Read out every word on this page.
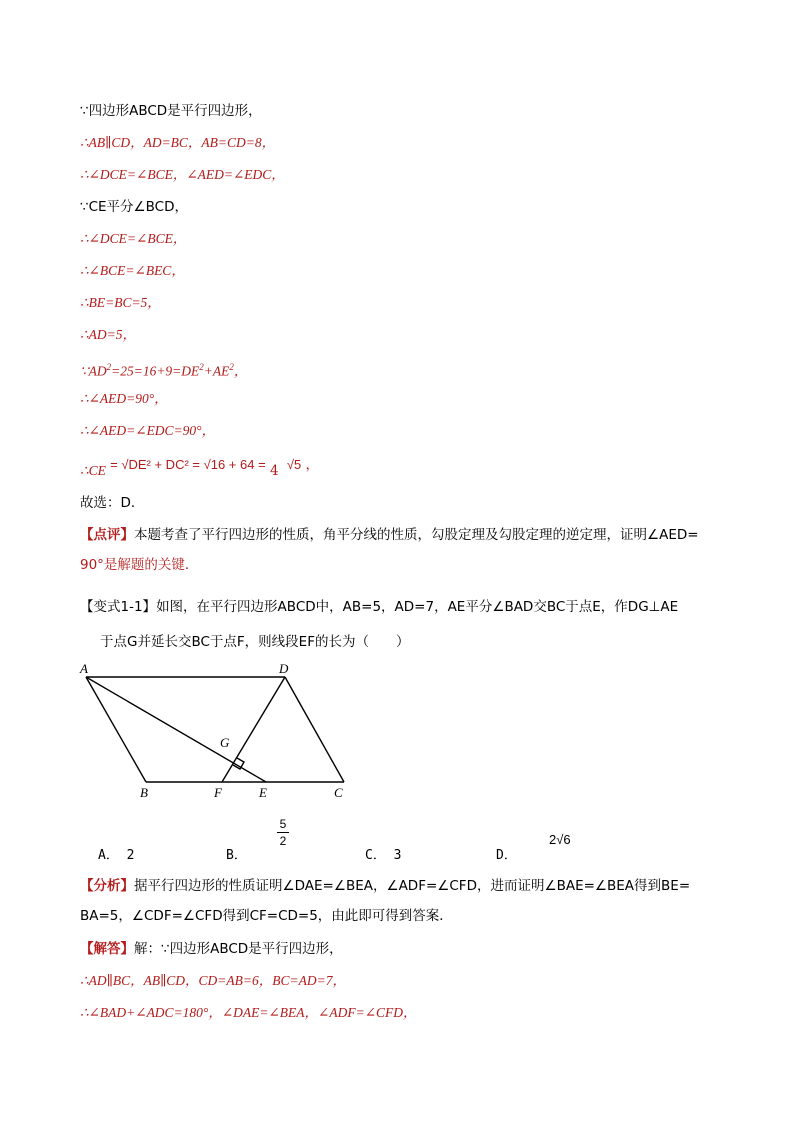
∵四边形ABCD是平行四边形，
∴AB∥CD，AD=BC，AB=CD=8，
∴∠DCE=∠BCE，∠AED=∠EDC，
∵CE平分∠BCD，
∴∠DCE=∠BCE，
∴∠BCE=∠BEC，
∴BE=BC=5，
∴AD=5，
$\because AD^2=25=16+9=DE^2+AE^2$，
∴∠AED=90°，
∴∠AED=∠EDC=90°，
∴CE = √DE² + DC² = √16 + 64 = 4 √5 ，
故选：D．
【点评】本题考查了平行四边形的性质，角平分线的性质，勾股定理及勾股定理的逆定理，证明∠AED=
90°是解题的关键．
【变式1-1】如图，在平行四边形ABCD中，AB=5，AD=7，AE平分∠BAD交BC于点E，作DG⊥AE
于点G并延长交BC于点F，则线段EF的长为（　　）
A	D
G
B	F	E	C
A． 2	B．
5
2
C． 3	D．
2√6
【分析】据平行四边形的性质证明∠DAE=∠BEA，∠ADF=∠CFD，进而证明∠BAE=∠BEA得到BE=
BA=5，∠CDF=∠CFD得到CF=CD=5，由此即可得到答案．
【解答】解：∵四边形ABCD是平行四边形，
∴AD∥BC，AB∥CD，CD=AB=6，BC=AD=7，
∴∠BAD+∠ADC=180°，∠DAE=∠BEA，∠ADF=∠CFD，
